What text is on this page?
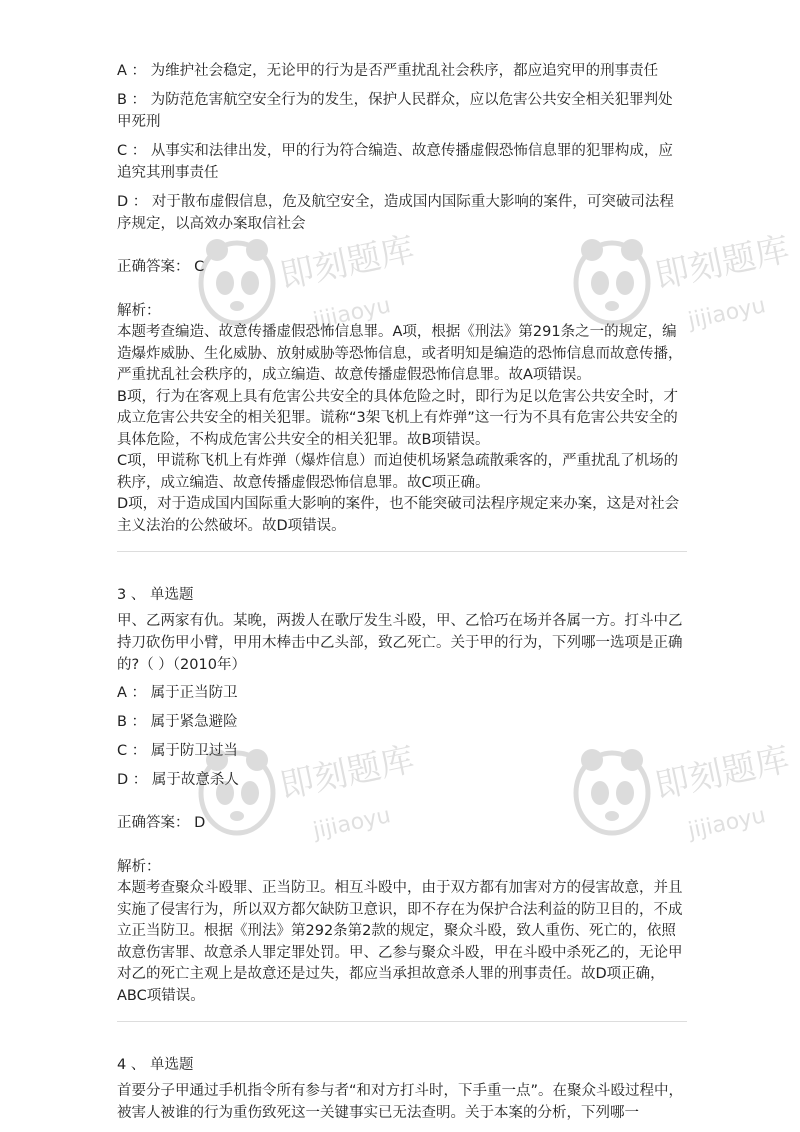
即刻题库
jijiaoyu
即刻题库
jijiaoyu
即刻题库
jijiaoyu
即刻题库
jijiaoyu
A ： 为维护社会稳定，无论甲的行为是否严重扰乱社会秩序，都应追究甲的刑事责任
B ： 为防范危害航空安全行为的发生，保护人民群众，应以危害公共安全相关犯罪判处甲死刑
C ： 从事实和法律出发，甲的行为符合编造、故意传播虚假恐怖信息罪的犯罪构成，应追究其刑事责任
D ： 对于散布虚假信息，危及航空安全，造成国内国际重大影响的案件，可突破司法程序规定，以高效办案取信社会
正确答案： C
解析：
本题考查编造、故意传播虚假恐怖信息罪。A项，根据《刑法》第291条之一的规定，编造爆炸威胁、生化威胁、放射威胁等恐怖信息，或者明知是编造的恐怖信息而故意传播，严重扰乱社会秩序的，成立编造、故意传播虚假恐怖信息罪。故A项错误。
B项，行为在客观上具有危害公共安全的具体危险之时，即行为足以危害公共安全时，才成立危害公共安全的相关犯罪。谎称“3架飞机上有炸弹”这一行为不具有危害公共安全的具体危险，不构成危害公共安全的相关犯罪。故B项错误。
C项，甲谎称飞机上有炸弹（爆炸信息）而迫使机场紧急疏散乘客的，严重扰乱了机场的秩序，成立编造、故意传播虚假恐怖信息罪。故C项正确。
D项，对于造成国内国际重大影响的案件，也不能突破司法程序规定来办案，这是对社会主义法治的公然破坏。故D项错误。
3 、 单选题
甲、乙两家有仇。某晚，两拨人在歌厅发生斗殴，甲、乙恰巧在场并各属一方。打斗中乙持刀砍伤甲小臂，甲用木棒击中乙头部，致乙死亡。关于甲的行为，下列哪一选项是正确的?（ ）（2010年）
A ： 属于正当防卫
B ： 属于紧急避险
C ： 属于防卫过当
D ： 属于故意杀人
正确答案： D
解析：
本题考查聚众斗殴罪、正当防卫。相互斗殴中，由于双方都有加害对方的侵害故意，并且实施了侵害行为，所以双方都欠缺防卫意识，即不存在为保护合法利益的防卫目的，不成立正当防卫。根据《刑法》第292条第2款的规定，聚众斗殴，致人重伤、死亡的，依照故意伤害罪、故意杀人罪定罪处罚。甲、乙参与聚众斗殴，甲在斗殴中杀死乙的，无论甲对乙的死亡主观上是故意还是过失，都应当承担故意杀人罪的刑事责任。故D项正确，ABC项错误。
4 、 单选题
首要分子甲通过手机指令所有参与者“和对方打斗时，下手重一点”。在聚众斗殴过程中，被害人被谁的行为重伤致死这一关键事实已无法查明。关于本案的分析，下列哪一
